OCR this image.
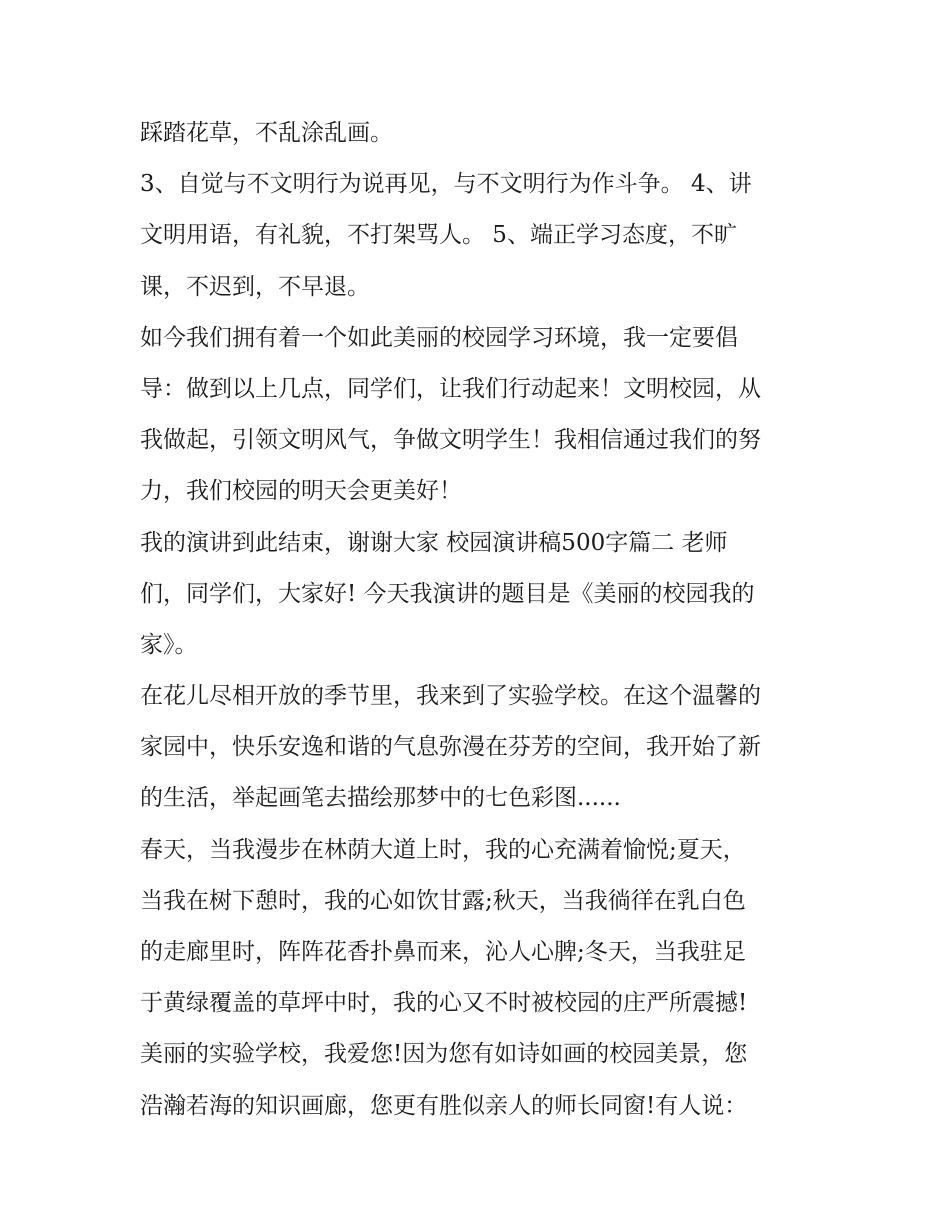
踩踏花草，不乱涂乱画。
3、自觉与不文明行为说再见，与不文明行为作斗争。 4、讲
文明用语，有礼貌，不打架骂人。 5、端正学习态度，不旷
课，不迟到，不早退。
如今我们拥有着一个如此美丽的校园学习环境，我一定要倡
导：做到以上几点，同学们，让我们行动起来！文明校园，从
我做起，引领文明风气，争做文明学生！我相信通过我们的努
力，我们校园的明天会更美好！
我的演讲到此结束，谢谢大家 校园演讲稿500字篇二 老师
们，同学们，大家好! 今天我演讲的题目是《美丽的校园我的
家》。
在花儿尽相开放的季节里，我来到了实验学校。在这个温馨的
家园中，快乐安逸和谐的气息弥漫在芬芳的空间，我开始了新
的生活，举起画笔去描绘那梦中的七色彩图......
春天，当我漫步在林荫大道上时，我的心充满着愉悦;夏天，
当我在树下憩时，我的心如饮甘露;秋天，当我徜徉在乳白色
的走廊里时，阵阵花香扑鼻而来，沁人心脾;冬天，当我驻足
于黄绿覆盖的草坪中时，我的心又不时被校园的庄严所震撼!
美丽的实验学校，我爱您!因为您有如诗如画的校园美景，您
浩瀚若海的知识画廊，您更有胜似亲人的师长同窗!有人说：
